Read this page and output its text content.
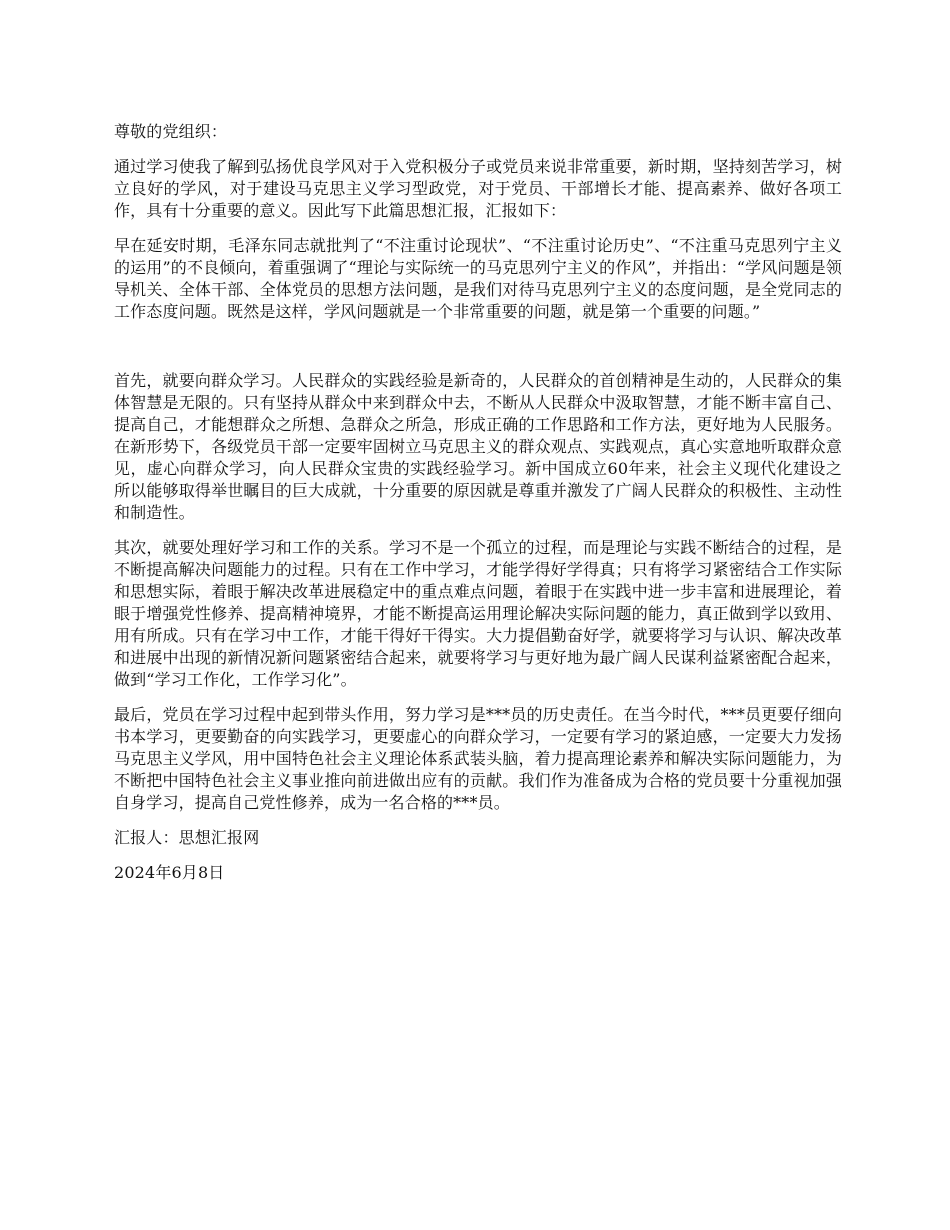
尊敬的党组织：

通过学习使我了解到弘扬优良学风对于入党积极分子或党员来说非常重要，新时期，坚持刻苦学习，树立良好的学风，对于建设马克思主义学习型政党，对于党员、干部增长才能、提高素养、做好各项工作，具有十分重要的意义。因此写下此篇思想汇报，汇报如下：

早在延安时期，毛泽东同志就批判了“不注重讨论现状”、“不注重讨论历史”、“不注重马克思列宁主义的运用”的不良倾向，着重强调了“理论与实际统一的马克思列宁主义的作风”，并指出：“学风问题是领导机关、全体干部、全体党员的思想方法问题，是我们对待马克思列宁主义的态度问题，是全党同志的工作态度问题。既然是这样，学风问题就是一个非常重要的问题，就是第一个重要的问题。”

首先，就要向群众学习。人民群众的实践经验是新奇的，人民群众的首创精神是生动的，人民群众的集体智慧是无限的。只有坚持从群众中来到群众中去，不断从人民群众中汲取智慧，才能不断丰富自己、提高自己，才能想群众之所想、急群众之所急，形成正确的工作思路和工作方法，更好地为人民服务。在新形势下，各级党员干部一定要牢固树立马克思主义的群众观点、实践观点，真心实意地听取群众意见，虚心向群众学习，向人民群众宝贵的实践经验学习。新中国成立60年来，社会主义现代化建设之所以能够取得举世瞩目的巨大成就，十分重要的原因就是尊重并激发了广阔人民群众的积极性、主动性和制造性。

其次，就要处理好学习和工作的关系。学习不是一个孤立的过程，而是理论与实践不断结合的过程，是不断提高解决问题能力的过程。只有在工作中学习，才能学得好学得真；只有将学习紧密结合工作实际和思想实际，着眼于解决改革进展稳定中的重点难点问题，着眼于在实践中进一步丰富和进展理论，着眼于增强党性修养、提高精神境界，才能不断提高运用理论解决实际问题的能力，真正做到学以致用、用有所成。只有在学习中工作，才能干得好干得实。大力提倡勤奋好学，就要将学习与认识、解决改革和进展中出现的新情况新问题紧密结合起来，就要将学习与更好地为最广阔人民谋利益紧密配合起来，做到“学习工作化，工作学习化”。

最后，党员在学习过程中起到带头作用，努力学习是***员的历史责任。在当今时代，***员更要仔细向书本学习，更要勤奋的向实践学习，更要虚心的向群众学习，一定要有学习的紧迫感，一定要大力发扬马克思主义学风，用中国特色社会主义理论体系武装头脑，着力提高理论素养和解决实际问题能力，为不断把中国特色社会主义事业推向前进做出应有的贡献。我们作为准备成为合格的党员要十分重视加强自身学习，提高自己党性修养，成为一名合格的***员。

汇报人：思想汇报网

2024年6月8日
